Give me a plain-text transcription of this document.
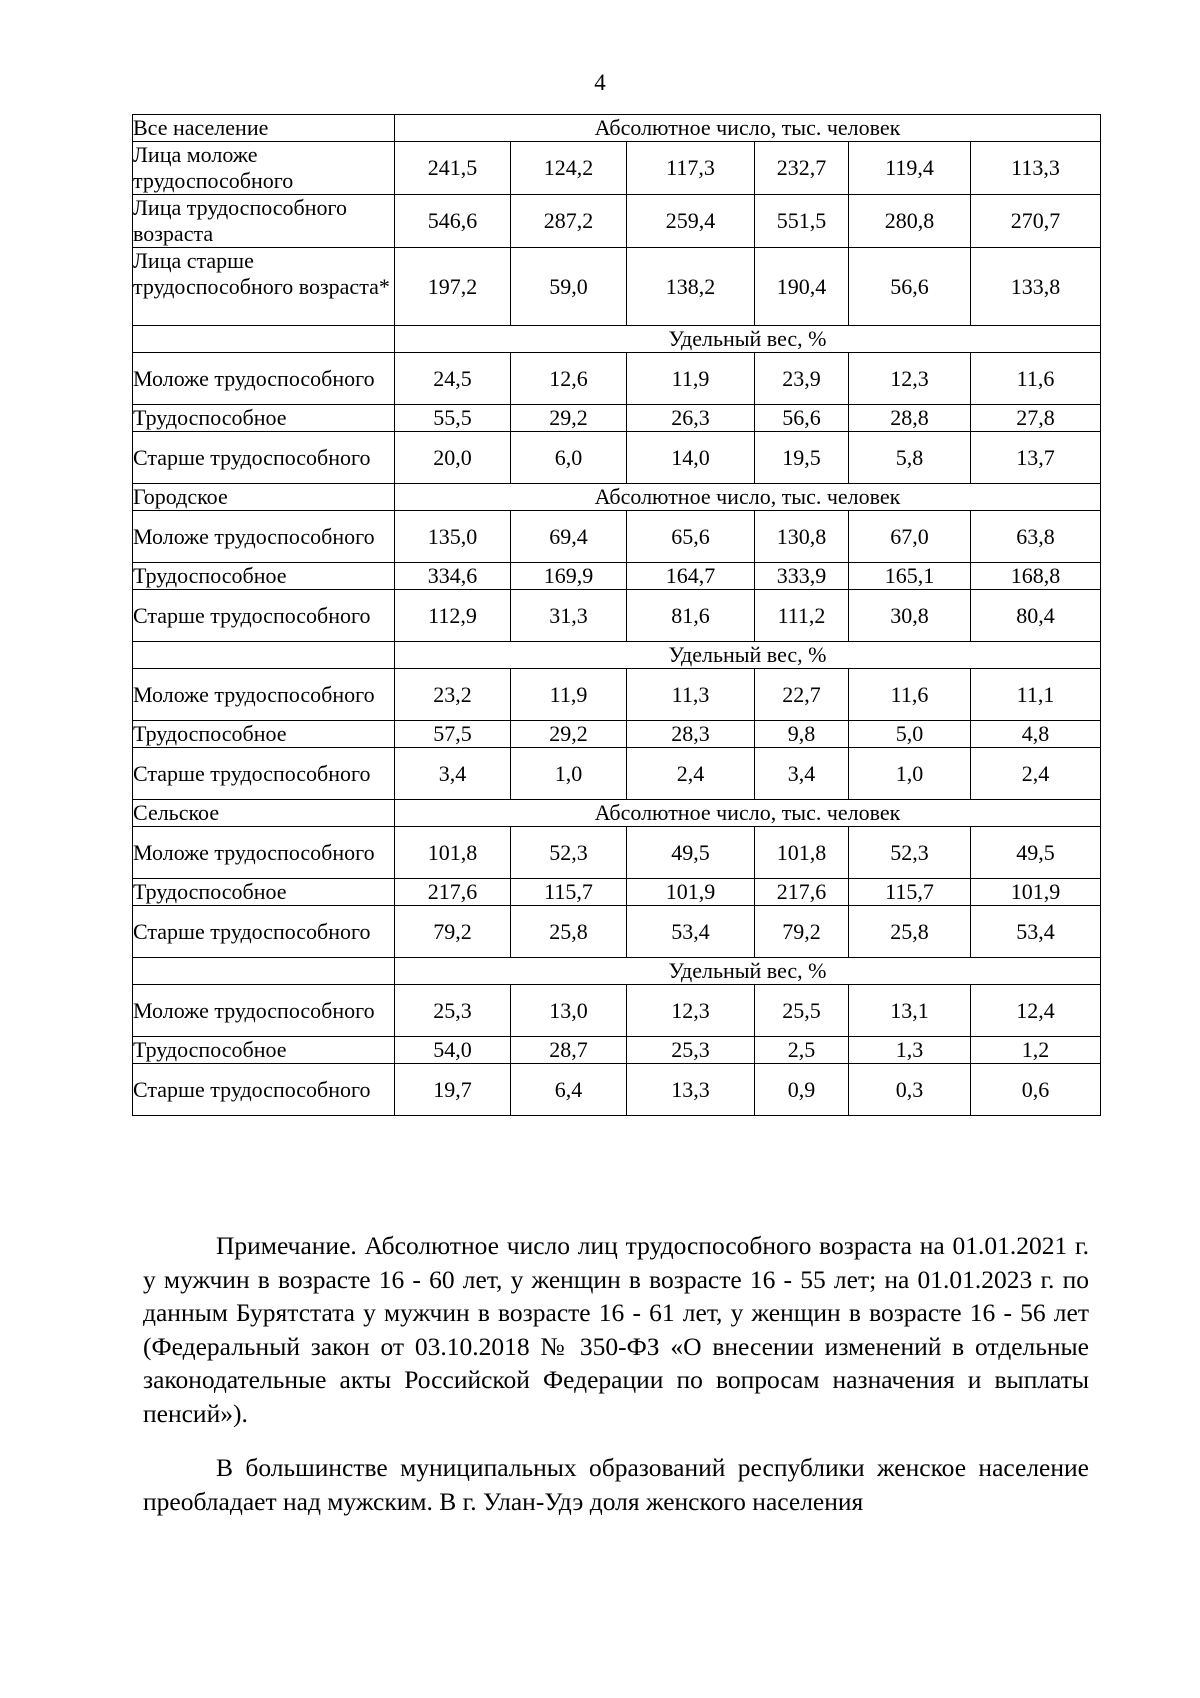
4
Все население	Абсолютное число, тыс. человек					
Лица моложе трудоспособного	241,5	124,2	117,3	232,7	119,4	113,3
Лица трудоспособного возраста	546,6	287,2	259,4	551,5	280,8	270,7
Лица старше трудоспособного возраста*	197,2	59,0	138,2	190,4	56,6	133,8
	Удельный вес, %					
Моложе трудоспособного	24,5	12,6	11,9	23,9	12,3	11,6
Трудоспособное	55,5	29,2	26,3	56,6	28,8	27,8
Старше трудоспособного	20,0	6,0	14,0	19,5	5,8	13,7
Городское	Абсолютное число, тыс. человек					
Моложе трудоспособного	135,0	69,4	65,6	130,8	67,0	63,8
Трудоспособное	334,6	169,9	164,7	333,9	165,1	168,8
Старше трудоспособного	112,9	31,3	81,6	111,2	30,8	80,4
	Удельный вес, %					
Моложе трудоспособного	23,2	11,9	11,3	22,7	11,6	11,1
Трудоспособное	57,5	29,2	28,3	9,8	5,0	4,8
Старше трудоспособного	3,4	1,0	2,4	3,4	1,0	2,4
Сельское	Абсолютное число, тыс. человек					
Моложе трудоспособного	101,8	52,3	49,5	101,8	52,3	49,5
Трудоспособное	217,6	115,7	101,9	217,6	115,7	101,9
Старше трудоспособного	79,2	25,8	53,4	79,2	25,8	53,4
	Удельный вес, %					
Моложе трудоспособного	25,3	13,0	12,3	25,5	13,1	12,4
Трудоспособное	54,0	28,7	25,3	2,5	1,3	1,2
Старше трудоспособного	19,7	6,4	13,3	0,9	0,3	0,6

Примечание. Абсолютное число лиц трудоспособного возраста на 01.01.2021 г. у мужчин в возрасте 16 - 60 лет, у женщин в возрасте 16 - 55 лет; на 01.01.2023 г. по данным Бурятстата у мужчин в возрасте 16 - 61 лет, у женщин в возрасте 16 - 56 лет (Федеральный закон от 03.10.2018 № 350-ФЗ «О внесении изменений в отдельные законодательные акты Российской Федерации по вопросам назначения и выплаты пенсий»).

В большинстве муниципальных образований республики женское население преобладает над мужским. В г. Улан-Удэ доля женского населения
